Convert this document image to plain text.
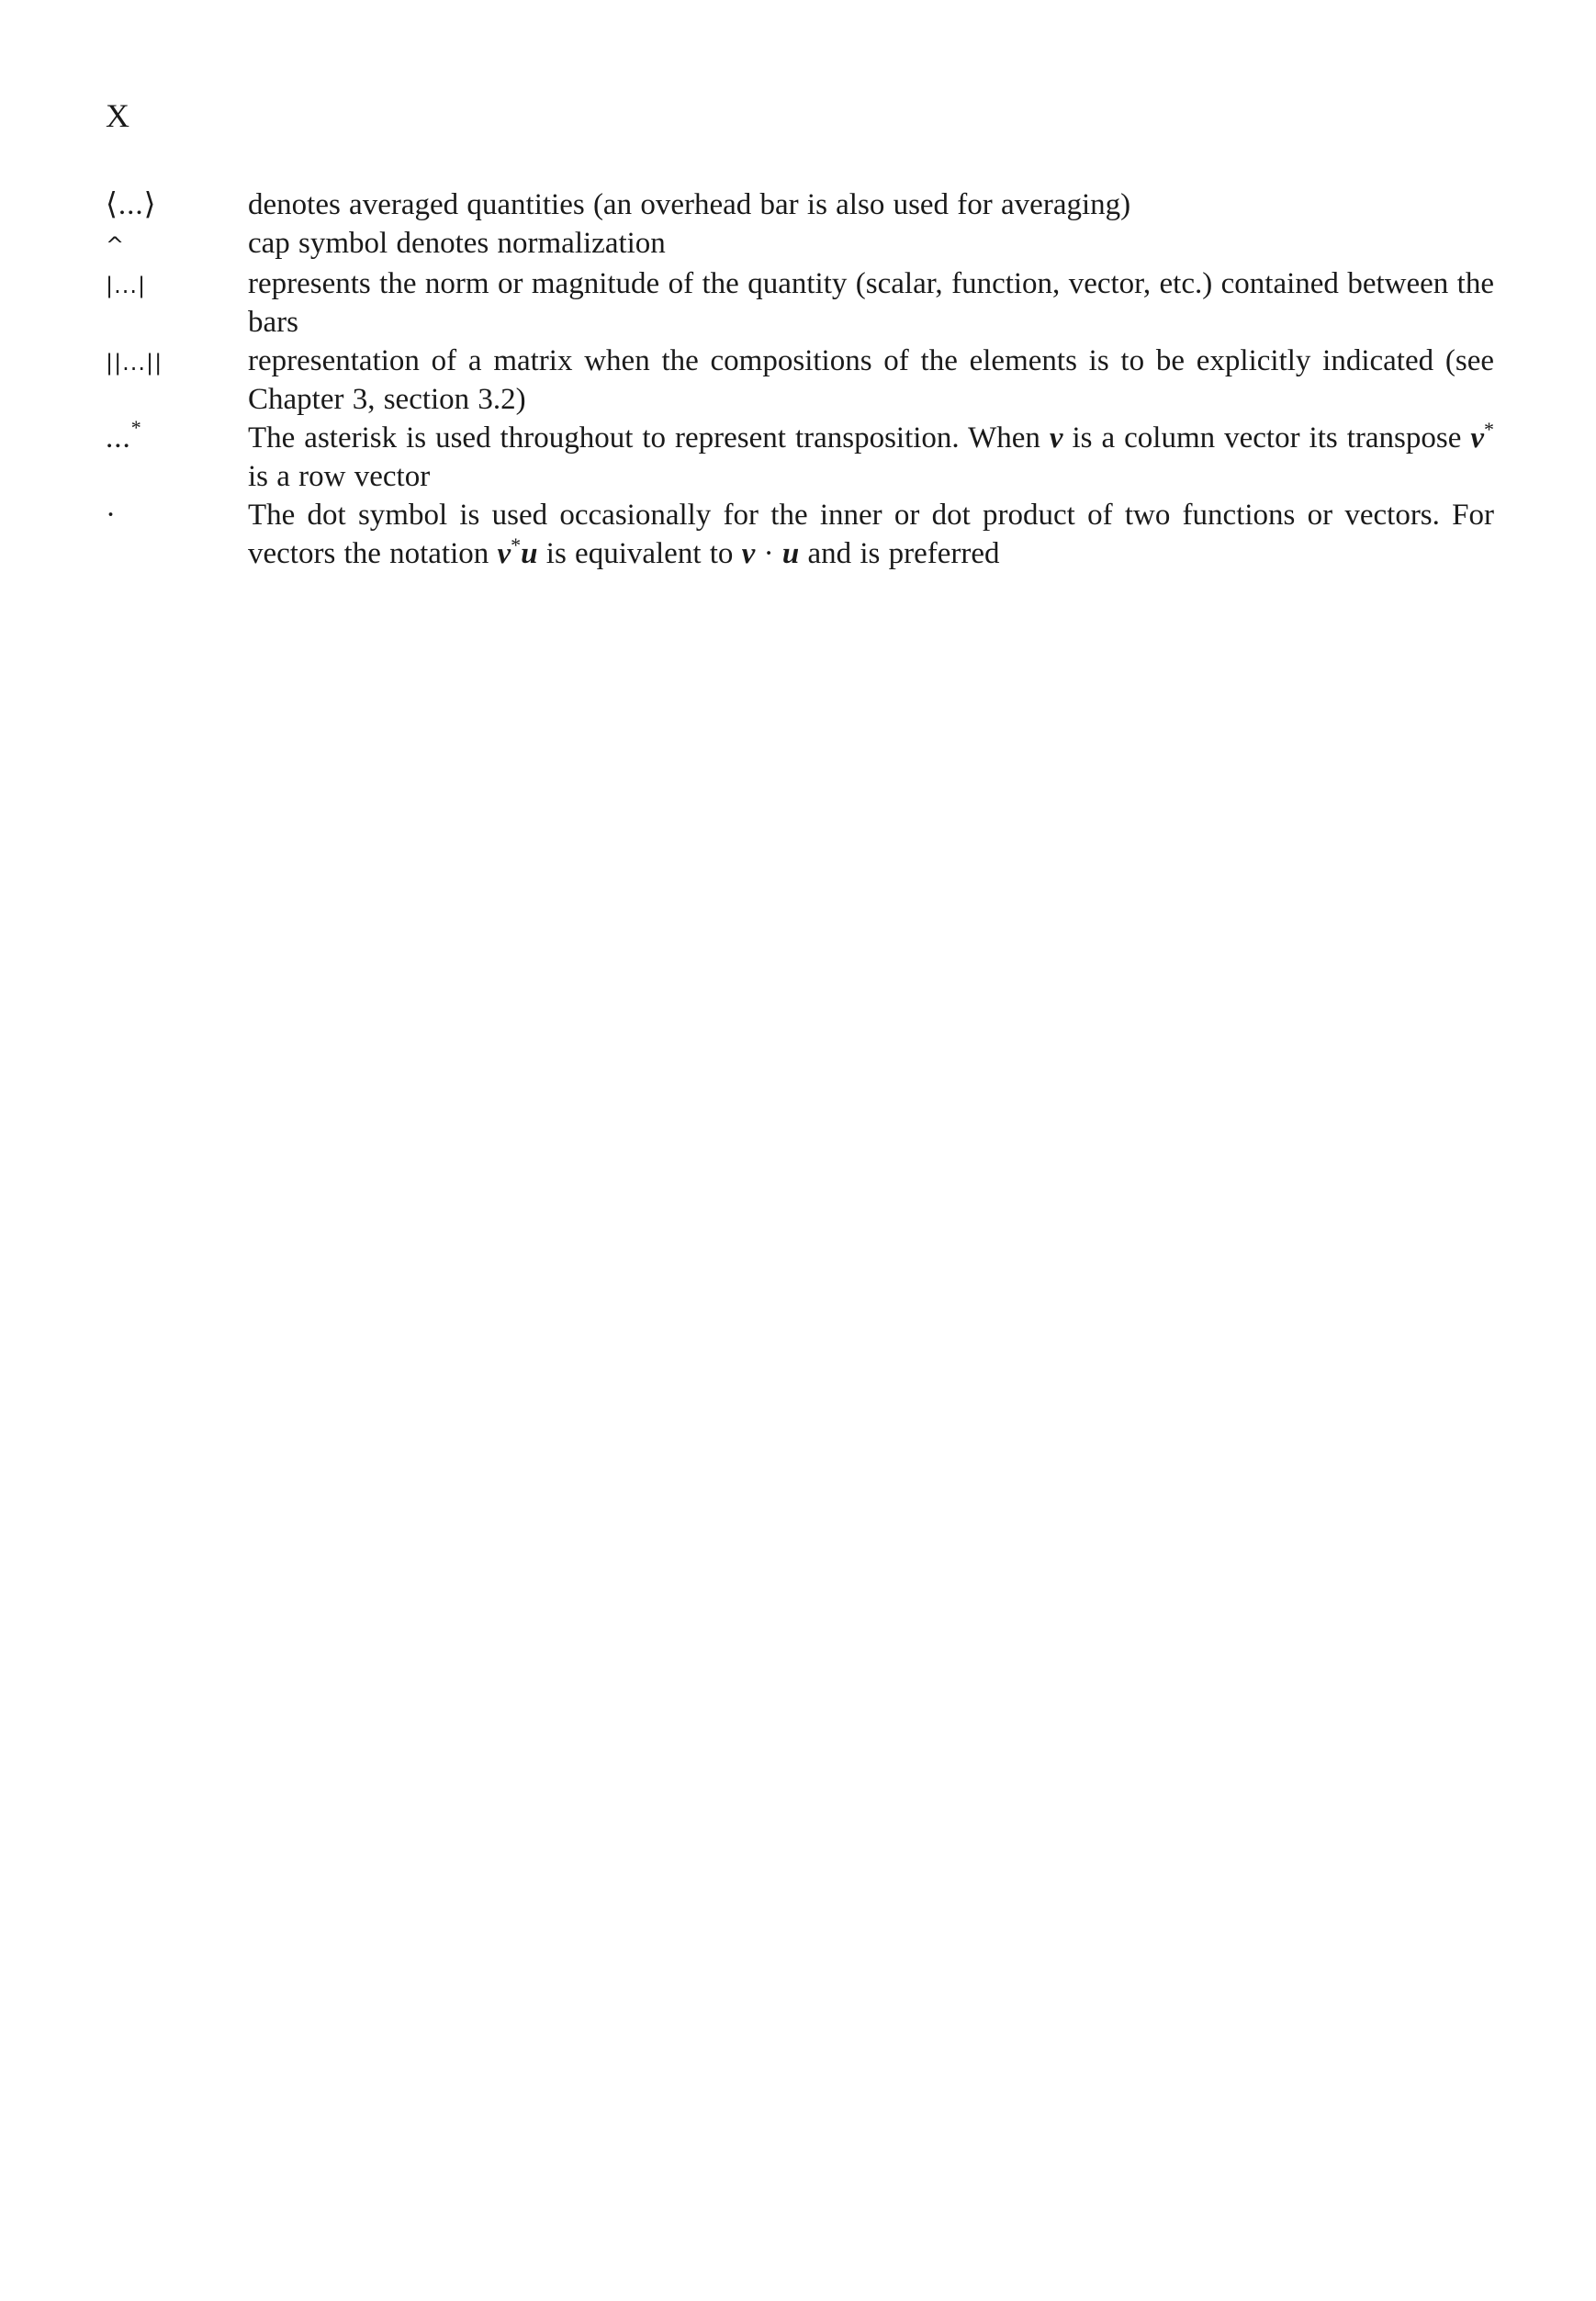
X
⟨...⟩	denotes averaged quantities (an overhead bar is also used for averaging)
^	cap symbol denotes normalization
|...|	represents the norm or magnitude of the quantity (scalar, function, vector, etc.) contained between the bars
||...||	representation of a matrix when the compositions of the elements is to be explicitly indicated (see Chapter 3, section 3.2)
...*	The asterisk is used throughout to represent transposition. When ν is a column vector its transpose ν* is a row vector
·	The dot symbol is used occasionally for the inner or dot product of two functions or vectors. For vectors the notation ν*u is equivalent to ν · u and is preferred
